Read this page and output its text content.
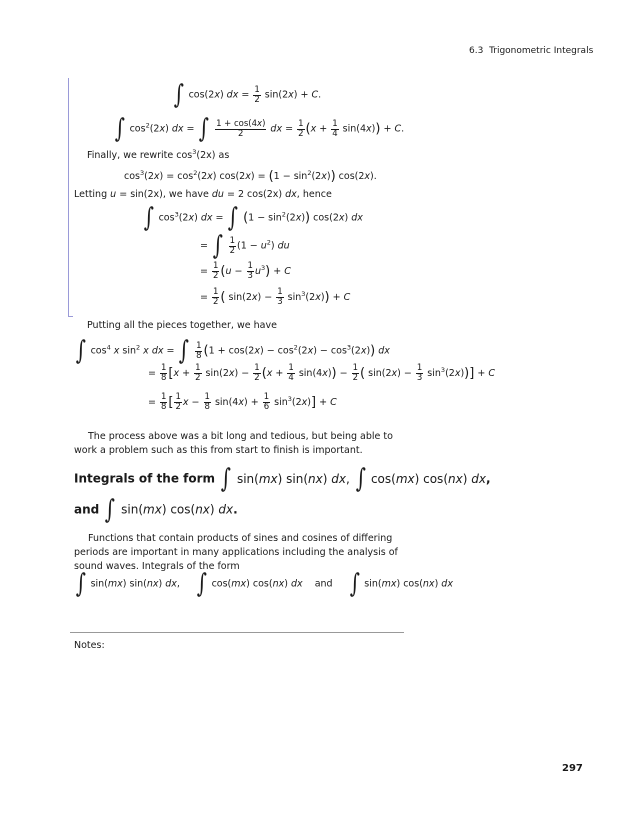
6.3 Trigonometric Integrals
∫ cos(2x) dx = $\frac{1}{2} \sin(2x) + C$.
∫ $\cos^2(2x)$ dx = ∫ $\frac{1 + \cos(4x)}{2}$ dx = $\frac{1}{2} (x + \frac{1}{4} \sin(4x)) + C$.
Finally, we rewrite $\cos^3(2x)$ as
$\cos^3(2x) = \cos^2(2x) \cos(2x) = (1 - \sin^2(2x))$ cos(2x).
Letting u = sin(2x), we have du = 2 cos(2x) dx, hence
∫ $\cos^3(2x)$ dx = ∫ $(1 - \sin^2(2x))$ cos(2x) dx
= ∫ $\frac{1}{2} (1 - u^2)$ du
= $\frac{1}{2} (u - \frac{1}{3} u^3) + C$
= $\frac{1}{2}$ ( $\sin(2x) - \frac{1}{3} \sin^3(2x)) + C$
Putting all the pieces together, we have
∫ $\cos^4 x$ $\sin^2 x$ dx = ∫ $\frac{1}{8} (1 + \cos(2x) - \cos^2(2x) - \cos^3(2x))$ dx
= $\frac{1}{8} [x + \frac{1}{2} \sin(2x) - \frac{1}{2} (x + \frac{1}{4} \sin(4x)) - \frac{1}{2}$ ( $\sin(2x) - \frac{1}{3} \sin^3(2x))] + C$
= $\frac{1}{8}$ [ $\frac{1}{2}$ $x - \frac{1}{8} \sin(4x) + \frac{1}{6} \sin^3(2x)] + C$
The process above was a bit long and tedious, but being able to work a problem such as this from start to finish is important.
Integrals of the form ∫ sin(mx) sin(nx) dx, ∫ cos(mx) cos(nx) dx,
and ∫ sin(mx) cos(nx) dx.
Functions that contain products of sines and cosines of differing periods are important in many applications including the analysis of sound waves. Integrals of the form
∫ sin(mx) sin(nx) dx,     ∫ cos(mx) cos(nx) dx and ∫ sin(mx) cos(nx) dx
Notes:
297
